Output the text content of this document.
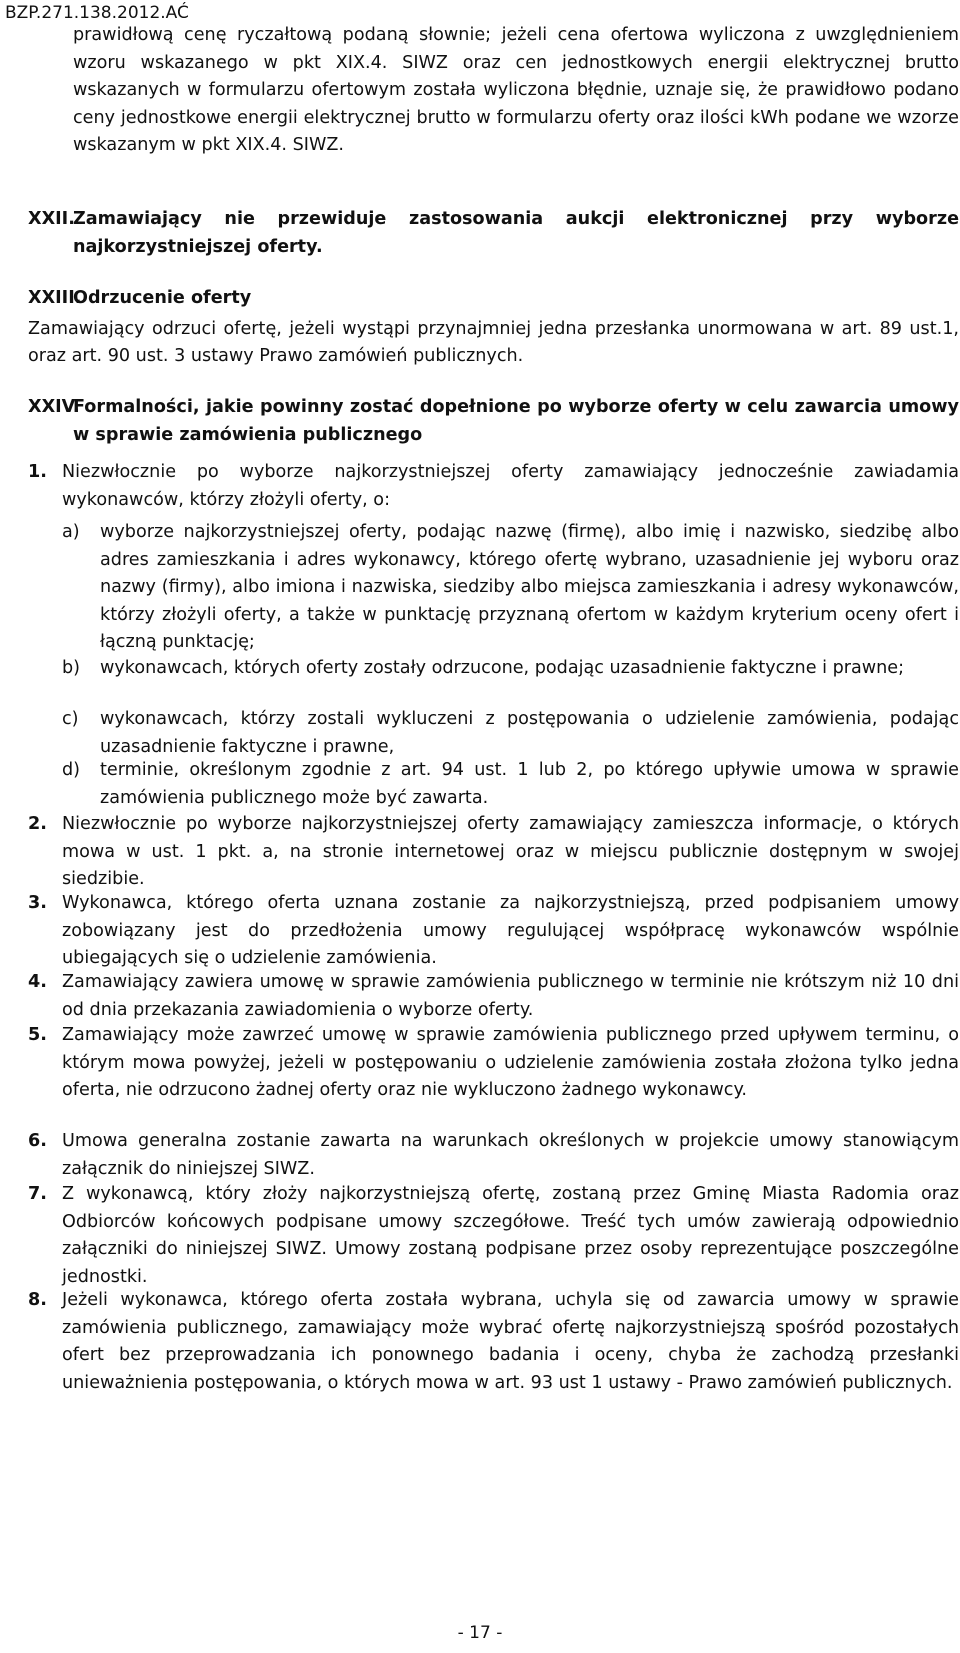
BZP.271.138.2012.AĆ
prawidłową cenę ryczałtową podaną słownie; jeżeli cena ofertowa wyliczona z uwzględnieniem wzoru wskazanego w pkt XIX.4. SIWZ oraz cen jednostkowych energii elektrycznej brutto wskazanych w formularzu ofertowym została wyliczona błędnie, uznaje się, że prawidłowo podano ceny jednostkowe energii elektrycznej brutto w formularzu oferty oraz ilości kWh podane we wzorze wskazanym w pkt XIX.4. SIWZ.
XXII.
Zamawiający nie przewiduje zastosowania aukcji elektronicznej przy wyborze najkorzystniejszej oferty.
XXIII.
Odrzucenie oferty
Zamawiający odrzuci ofertę, jeżeli wystąpi przynajmniej jedna przesłanka unormowana w art. 89 ust.1, oraz art. 90 ust. 3 ustawy Prawo zamówień publicznych.
XXIV.
Formalności, jakie powinny zostać dopełnione po wyborze oferty w celu zawarcia umowy w sprawie zamówienia publicznego
1. Niezwłocznie po wyborze najkorzystniejszej oferty zamawiający jednocześnie zawiadamia wykonawców, którzy złożyli oferty, o:
a) wyborze najkorzystniejszej oferty, podając nazwę (firmę), albo imię i nazwisko, siedzibę albo adres zamieszkania i adres wykonawcy, którego ofertę wybrano, uzasadnienie jej wyboru oraz nazwy (firmy), albo imiona i nazwiska, siedziby albo miejsca zamieszkania i adresy wykonawców, którzy złożyli oferty, a także w punktację przyznaną ofertom w każdym kryterium oceny ofert i łączną punktację;
b) wykonawcach, których oferty zostały odrzucone, podając uzasadnienie faktyczne i prawne;
c) wykonawcach, którzy zostali wykluczeni z postępowania o udzielenie zamówienia, podając uzasadnienie faktyczne i prawne,
d) terminie, określonym zgodnie z art. 94 ust. 1 lub 2, po którego upływie umowa w sprawie zamówienia publicznego może być zawarta.
2. Niezwłocznie po wyborze najkorzystniejszej oferty zamawiający zamieszcza informacje, o których mowa w ust. 1 pkt. a, na stronie internetowej oraz w miejscu publicznie dostępnym w swojej siedzibie.
3. Wykonawca, którego oferta uznana zostanie za najkorzystniejszą, przed podpisaniem umowy zobowiązany jest do przedłożenia umowy regulującej współpracę wykonawców wspólnie ubiegających się o udzielenie zamówienia.
4. Zamawiający zawiera umowę w sprawie zamówienia publicznego w terminie nie krótszym niż 10 dni od dnia przekazania zawiadomienia o wyborze oferty.
5. Zamawiający może zawrzeć umowę w sprawie zamówienia publicznego przed upływem terminu, o którym mowa powyżej, jeżeli w postępowaniu o udzielenie zamówienia została złożona tylko jedna oferta, nie odrzucono żadnej oferty oraz nie wykluczono żadnego wykonawcy.
6. Umowa generalna zostanie zawarta na warunkach określonych w projekcie umowy stanowiącym załącznik do niniejszej SIWZ.
7. Z wykonawcą, który złoży najkorzystniejszą ofertę, zostaną przez Gminę Miasta Radomia oraz Odbiorców końcowych podpisane umowy szczegółowe. Treść tych umów zawierają odpowiednio załączniki do niniejszej SIWZ. Umowy zostaną podpisane przez osoby reprezentujące poszczególne jednostki.
8. Jeżeli wykonawca, którego oferta została wybrana, uchyla się od zawarcia umowy w sprawie zamówienia publicznego, zamawiający może wybrać ofertę najkorzystniejszą spośród pozostałych ofert bez przeprowadzania ich ponownego badania i oceny, chyba że zachodzą przesłanki unieważnienia postępowania, o których mowa w art. 93 ust 1 ustawy - Prawo zamówień publicznych.
- 17 -
